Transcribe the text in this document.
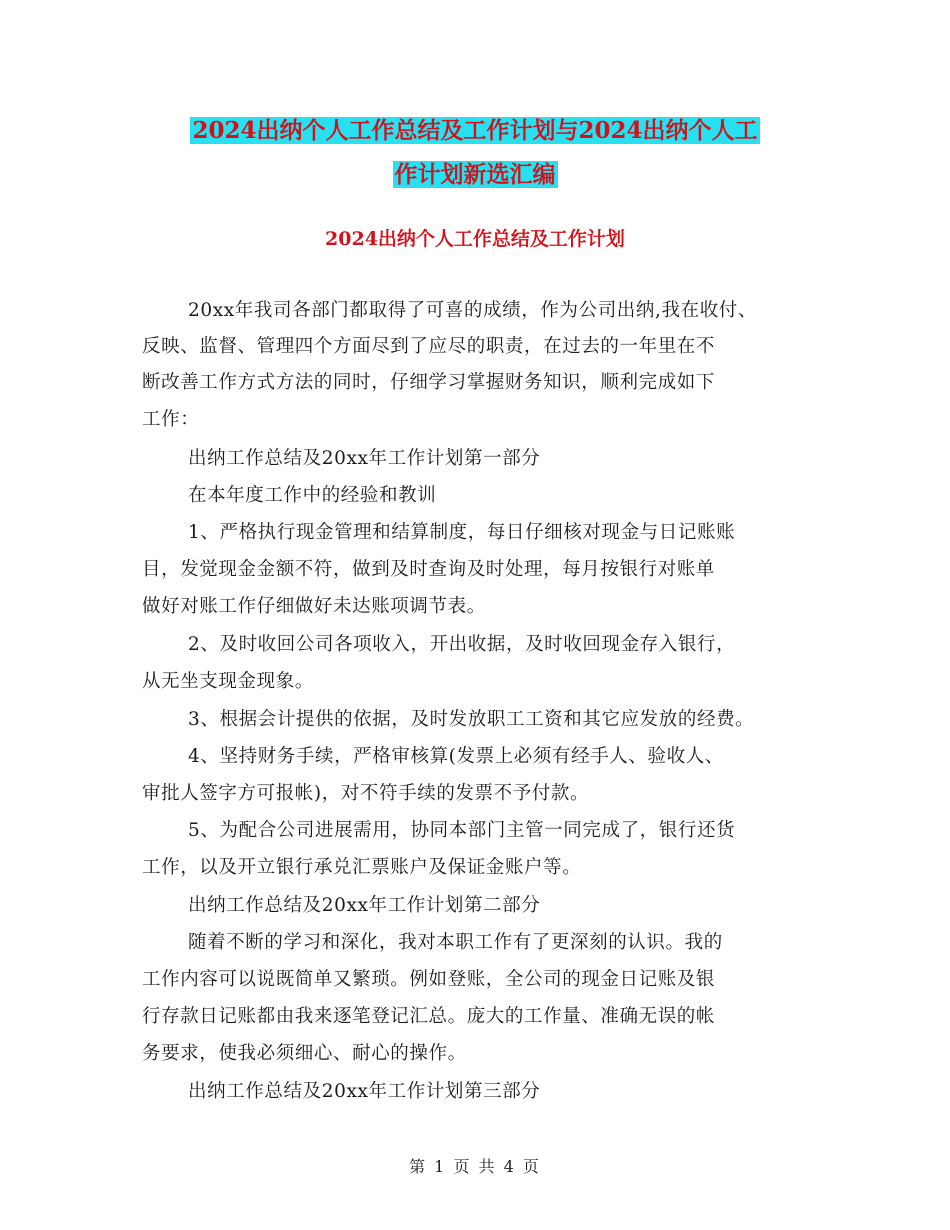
2024出纳个人工作总结及工作计划与2024出纳个人工
作计划新选汇编
2024出纳个人工作总结及工作计划
20xx年我司各部门都取得了可喜的成绩，作为公司出纳,我在收付、
反映、监督、管理四个方面尽到了应尽的职责，在过去的一年里在不
断改善工作方式方法的同时，仔细学习掌握财务知识，顺利完成如下
工作：
出纳工作总结及20xx年工作计划第一部分
在本年度工作中的经验和教训
1、严格执行现金管理和结算制度，每日仔细核对现金与日记账账
目，发觉现金金额不符，做到及时查询及时处理，每月按银行对账单
做好对账工作仔细做好未达账项调节表。
2、及时收回公司各项收入，开出收据，及时收回现金存入银行，
从无坐支现金现象。
3、根据会计提供的依据，及时发放职工工资和其它应发放的经费。
4、坚持财务手续，严格审核算(发票上必须有经手人、验收人、
审批人签字方可报帐)，对不符手续的发票不予付款。
5、为配合公司进展需用，协同本部门主管一同完成了，银行还货
工作，以及开立银行承兑汇票账户及保证金账户等。
出纳工作总结及20xx年工作计划第二部分
随着不断的学习和深化，我对本职工作有了更深刻的认识。我的
工作内容可以说既简单又繁琐。例如登账，全公司的现金日记账及银
行存款日记账都由我来逐笔登记汇总。庞大的工作量、准确无误的帐
务要求，使我必须细心、耐心的操作。
出纳工作总结及20xx年工作计划第三部分
第 1 页 共 4 页
